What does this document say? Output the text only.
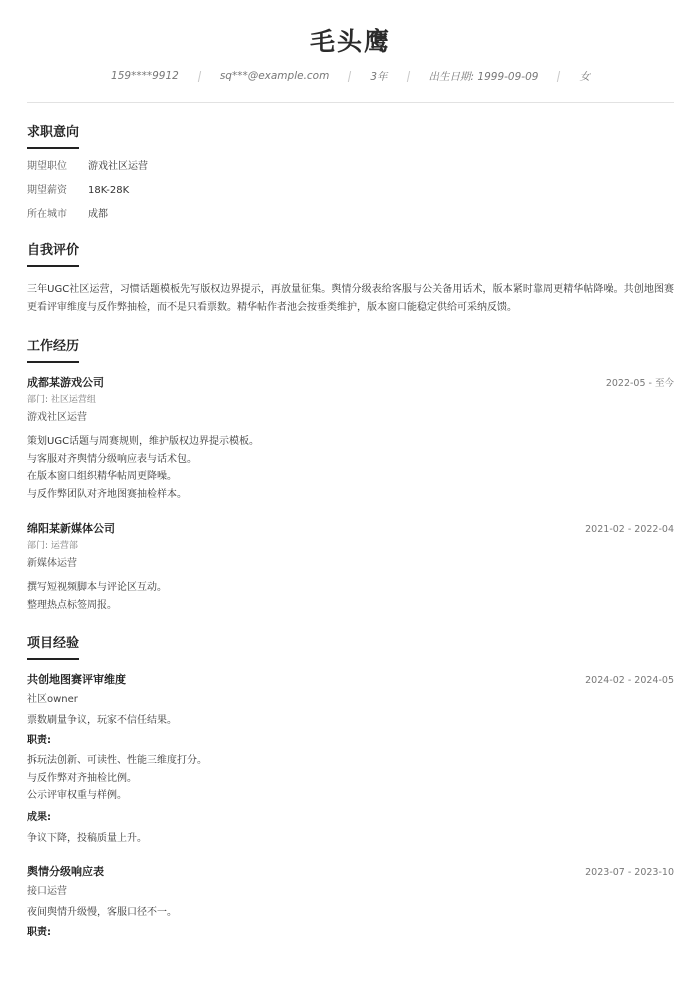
毛头鹰
159****9912	sq***@example.com	3年	出生日期: 1999-09-09	女
求职意向
期望职位	游戏社区运营
期望薪资	18K-28K
所在城市	成都
自我评价
三年UGC社区运营，习惯话题模板先写版权边界提示，再放量征集。舆情分级表给客服与公关备用话术，版本紧时靠周更精华帖降噪。共创地图赛更看评审维度与反作弊抽检，而不是只看票数。精华帖作者池会按垂类维护，版本窗口能稳定供给可采纳反馈。
工作经历
成都某游戏公司	2022-05 - 至今
部门: 社区运营组
游戏社区运营
策划UGC话题与周赛规则，维护版权边界提示模板。
与客服对齐舆情分级响应表与话术包。
在版本窗口组织精华帖周更降噪。
与反作弊团队对齐地图赛抽检样本。
绵阳某新媒体公司	2021-02 - 2022-04
部门: 运营部
新媒体运营
撰写短视频脚本与评论区互动。
整理热点标签周报。
项目经验
共创地图赛评审维度	2024-02 - 2024-05
社区owner
票数刷量争议，玩家不信任结果。
职责:
拆玩法创新、可读性、性能三维度打分。
与反作弊对齐抽检比例。
公示评审权重与样例。
成果:
争议下降，投稿质量上升。
舆情分级响应表	2023-07 - 2023-10
接口运营
夜间舆情升级慢，客服口径不一。
职责:
